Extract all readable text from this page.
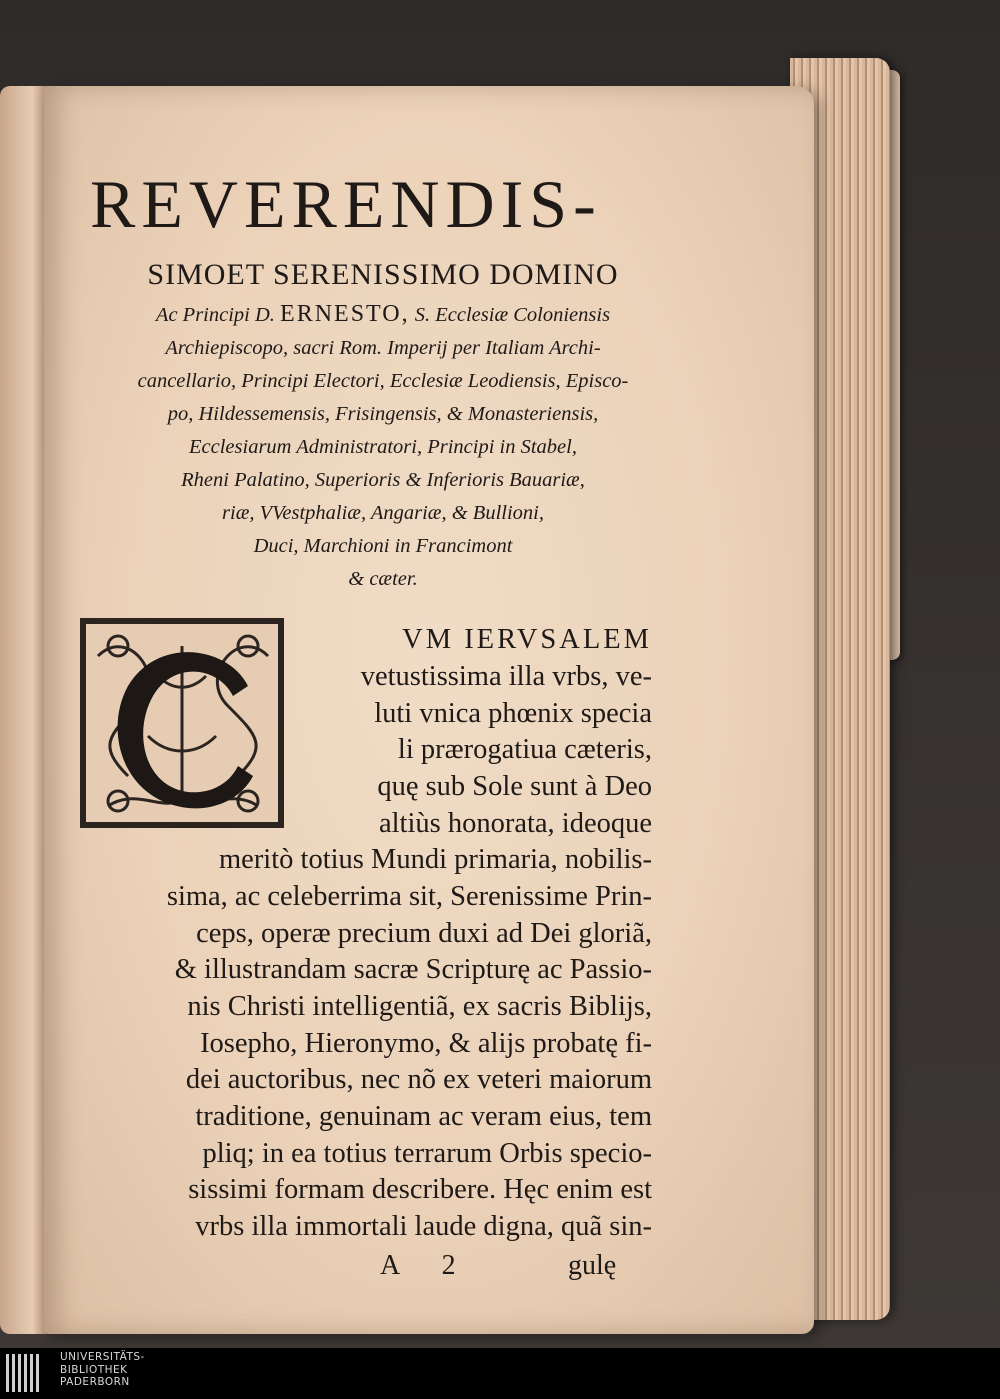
REVERENDIS-
SIMOET SERENISSIMO DOMINO
Ac Principi D. ERNESTO, S. Ecclesiæ Coloniensis
Archiepiscopo, sacri Rom. Imperij per Italiam Archi-
cancellario, Principi Electori, Ecclesiæ Leodiensis, Episco-
po, Hildessemensis, Frisingensis, & Monasteriensis,
Ecclesiarum Administratori, Principi in Stabel,
Rheni Palatino, Superioris & Inferioris Bauariæ,
riæ, VVestphaliæ, Angariæ, & Bullioni,
Duci, Marchioni in Francimont
& cæter.
VM IERVSALEM
vetustissima illa vrbs, ve-
luti vnica phœnix specia
li prærogatiua cæteris,
quę sub Sole sunt à Deo
altiùs honorata, ideoque
meritò totius Mundi primaria, nobilis-
sima, ac celeberrima sit, Serenissime Prin-
ceps, operæ precium duxi ad Dei gloriã,
& illustrandam sacræ Scripturę ac Passio-
nis Christi intelligentiã, ex sacris Biblijs,
Iosepho, Hieronymo, & alijs probatę fi-
dei auctoribus, nec nõ ex veteri maiorum
traditione, genuinam ac veram eius, tem
pliq; in ea totius terrarum Orbis specio-
sissimi formam describere. Hęc enim est
vrbs illa immortali laude digna, quã sin-
A 2	gulę
UNIVERSITÄTS-
BIBLIOTHEK
PADERBORN
